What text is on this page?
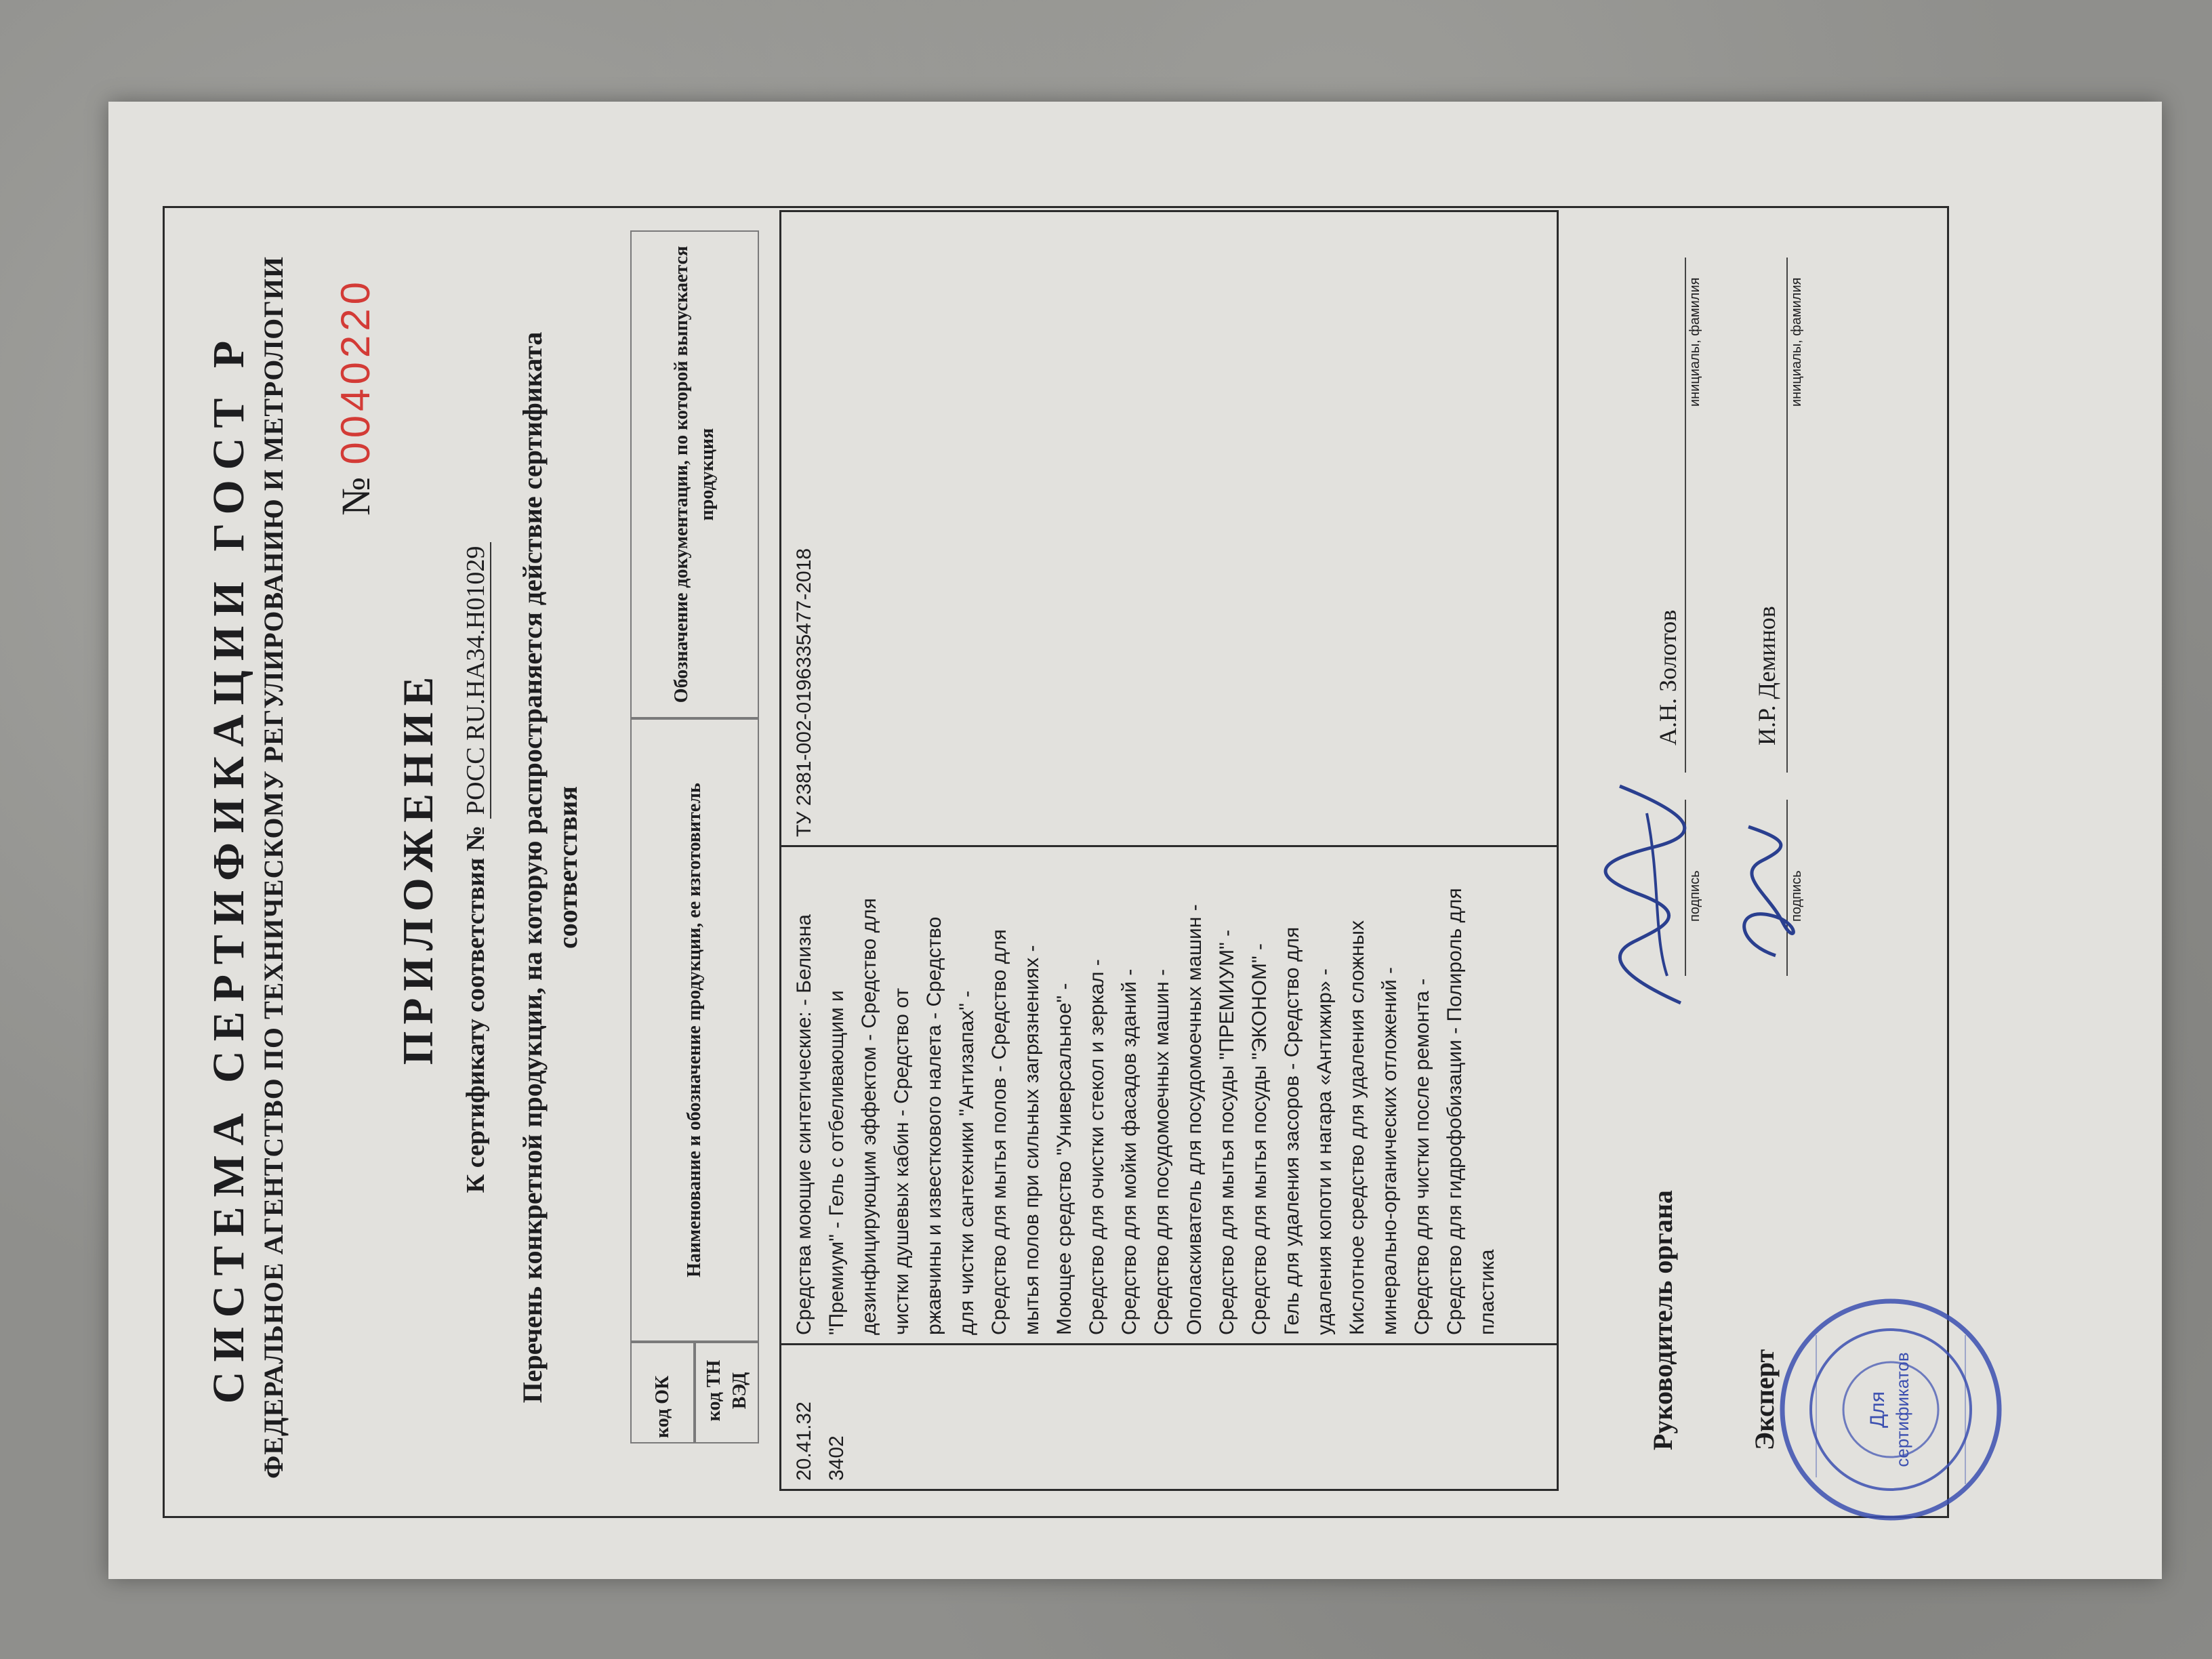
СИСТЕМА СЕРТИФИКАЦИИ ГОСТ Р ФЕДЕРАЛЬНОЕ АГЕНТСТВО ПО ТЕХНИЧЕСКОМУ РЕГУЛИРОВАНИЮ И МЕТРОЛОГИИ №0040220
ПРИЛОЖЕНИЕ К сертификату соответствия № РОСС RU.НА34.Н01029 Перечень конкретной продукции, на которую распространяется действие сертификата соответствия
код ОК	код ТН ВЭД
Наименование и обозначение продукции, ее изготовитель
Обозначение документации, по которой выпускается продукция
20.41.32 3402
Средства моющие синтетические: - Белизна "Премиум" - Гель с отбеливающим и дезинфицирующим эффектом - Средство для чистки душевых кабин - Средство от ржавчины и известкового налета - Средство для чистки сантехники "Антизапах" - Средство для мытья полов - Средство для мытья полов при сильных загрязнениях - Моющее средство "Универсальное" - Средство для очистки стекол и зеркал - Средство для мойки фасадов зданий - Средство для посудомоечных машин - Ополаскиватель для посудомоечных машин - Средство для мытья посуды "ПРЕМИУМ" - Средство для мытья посуды "ЭКОНОМ" - Гель для удаления засоров - Средство для удаления копоти и нагара «Антижир» - Кислотное средство для удаления сложных минерально-органических отложений - Средство для чистки после ремонта - Средство для гидрофобизации - Полироль для пластика
ТУ 2381-002-0196335477-2018
Руководитель органа
подпись
А.Н. Золотов
инициалы, фамилия
Эксперт
подпись
И.Р. Деминов
инициалы, фамилия
Для сертификатов
